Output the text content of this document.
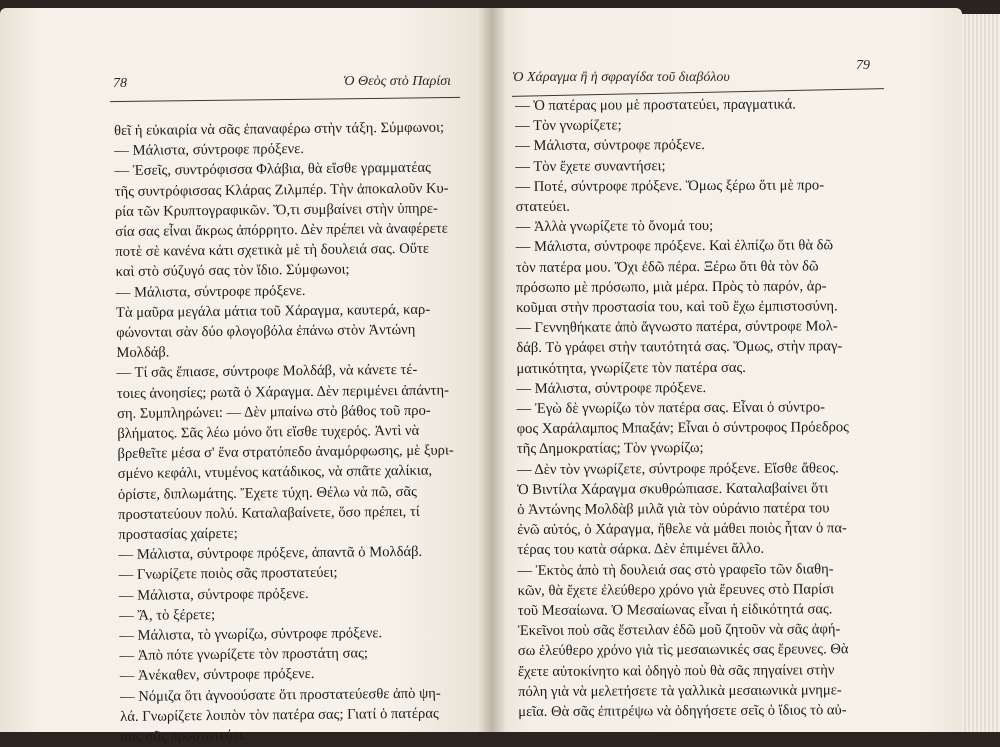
78	Ὁ Θεὸς στὸ Παρίσι
θεῖ ἡ εὐκαιρία νὰ σᾶς ἐπαναφέρω στὴν τάξη. Σύμφωνοι;
— Μάλιστα, σύντροφε πρόξενε.
— Ἐσεῖς, συντρόφισσα Φλάβια, θὰ εἴσθε γραμματέας
τῆς συντρόφισσας Κλάρας Ζιλμπέρ. Τὴν ἀποκαλοῦν Κυ-
ρία τῶν Κρυπτογραφικῶν. Ὅ,τι συμβαίνει στὴν ὑπηρε-
σία σας εἶναι ἄκρως ἀπόρρητο. Δὲν πρέπει νὰ ἀναφέρετε
ποτὲ σὲ κανένα κάτι σχετικὰ μὲ τὴ δουλειά σας. Οὔτε
καὶ στὸ σύζυγό σας τὸν ἴδιο. Σύμφωνοι;
— Μάλιστα, σύντροφε πρόξενε.
Τὰ μαῦρα μεγάλα μάτια τοῦ Χάραγμα, καυτερά, καρ-
φώνονται σὰν δύο φλογοβόλα ἐπάνω στὸν Ἀντώνη
Μολδάβ.
— Τί σᾶς ἔπιασε, σύντροφε Μολδάβ, νὰ κάνετε τέ-
τοιες ἀνοησίες; ρωτᾶ ὁ Χάραγμα. Δὲν περιμένει ἀπάντη-
ση. Συμπληρώνει: — Δὲν μπαίνω στὸ βάθος τοῦ προ-
βλήματος. Σᾶς λέω μόνο ὅτι εἴσθε τυχερός. Ἀντὶ νὰ
βρεθεῖτε μέσα σ' ἕνα στρατόπεδο ἀναμόρφωσης, μὲ ξυρι-
σμένο κεφάλι, ντυμένος κατάδικος, νὰ σπᾶτε χαλίκια,
ὁρίστε, διπλωμάτης. Ἔχετε τύχη. Θέλω νὰ πῶ, σᾶς
προστατεύουν πολύ. Καταλαβαίνετε, ὅσο πρέπει, τί
προστασίας χαίρετε;
— Μάλιστα, σύντροφε πρόξενε, ἀπαντᾶ ὁ Μολδάβ.
— Γνωρίζετε ποιὸς σᾶς προστατεύει;
— Μάλιστα, σύντροφε πρόξενε.
— Ἄ, τὸ ξέρετε;
— Μάλιστα, τὸ γνωρίζω, σύντροφε πρόξενε.
— Ἀπὸ πότε γνωρίζετε τὸν προστάτη σας;
— Ἀνέκαθεν, σύντροφε πρόξενε.
— Νόμιζα ὅτι ἀγνοούσατε ὅτι προστατεύεσθε ἀπὸ ψη-
λά. Γνωρίζετε λοιπὸν τὸν πατέρα σας; Γιατί ὁ πατέρας
σας σᾶς προστατεύει.
Ὁ Χάραγμα ἢ ἡ σφραγίδα τοῦ διαβόλου
79
— Ὁ πατέρας μου μὲ προστατεύει, πραγματικά.
— Τὸν γνωρίζετε;
— Μάλιστα, σύντροφε πρόξενε.
— Τὸν ἔχετε συναντήσει;
— Ποτέ, σύντροφε πρόξενε. Ὅμως ξέρω ὅτι μὲ προ-
στατεύει.
— Ἀλλὰ γνωρίζετε τὸ ὄνομά του;
— Μάλιστα, σύντροφε πρόξενε. Καὶ ἐλπίζω ὅτι θὰ δῶ
τὸν πατέρα μου. Ὄχι ἐδῶ πέρα. Ξέρω ὅτι θὰ τὸν δῶ
πρόσωπο μὲ πρόσωπο, μιὰ μέρα. Πρὸς τὸ παρόν, ἀρ-
κοῦμαι στὴν προστασία του, καὶ τοῦ ἔχω ἐμπιστοσύνη.
— Γεννηθήκατε ἀπὸ ἄγνωστο πατέρα, σύντροφε Μολ-
δάβ. Τὸ γράφει στὴν ταυτότητά σας. Ὅμως, στὴν πραγ-
ματικότητα, γνωρίζετε τὸν πατέρα σας.
— Μάλιστα, σύντροφε πρόξενε.
— Ἐγὼ δὲ γνωρίζω τὸν πατέρα σας. Εἶναι ὁ σύντρο-
φος Χαράλαμπος Μπαξάν; Εἶναι ὁ σύντροφος Πρόεδρος
τῆς Δημοκρατίας; Τὸν γνωρίζω;
— Δὲν τὸν γνωρίζετε, σύντροφε πρόξενε. Εἴσθε ἄθεος.
Ὁ Βιντίλα Χάραγμα σκυθρώπιασε. Καταλαβαίνει ὅτι
ὁ Ἀντώνης Μολδὰβ μιλᾶ γιὰ τὸν οὐράνιο πατέρα του
ἐνῶ αὐτός, ὁ Χάραγμα, ἤθελε νὰ μάθει ποιὸς ἦταν ὁ πα-
τέρας του κατὰ σάρκα. Δὲν ἐπιμένει ἄλλο.
— Ἐκτὸς ἀπὸ τὴ δουλειά σας στὸ γραφεῖο τῶν διαθη-
κῶν, θὰ ἔχετε ἐλεύθερο χρόνο γιὰ ἔρευνες στὸ Παρίσι
τοῦ Μεσαίωνα. Ὁ Μεσαίωνας εἶναι ἡ εἰδικότητά σας.
Ἐκεῖνοι ποὺ σᾶς ἔστειλαν ἐδῶ μοῦ ζητοῦν νὰ σᾶς ἀφή-
σω ἐλεύθερο χρόνο γιὰ τὶς μεσαιωνικές σας ἔρευνες. Θὰ
ἔχετε αὐτοκίνητο καὶ ὁδηγὸ ποὺ θὰ σᾶς πηγαίνει στὴν
πόλη γιὰ νὰ μελετήσετε τὰ γαλλικὰ μεσαιωνικὰ μνημε-
μεῖα. Θὰ σᾶς ἐπιτρέψω νὰ ὁδηγήσετε σεῖς ὁ ἴδιος τὸ αὐ-
